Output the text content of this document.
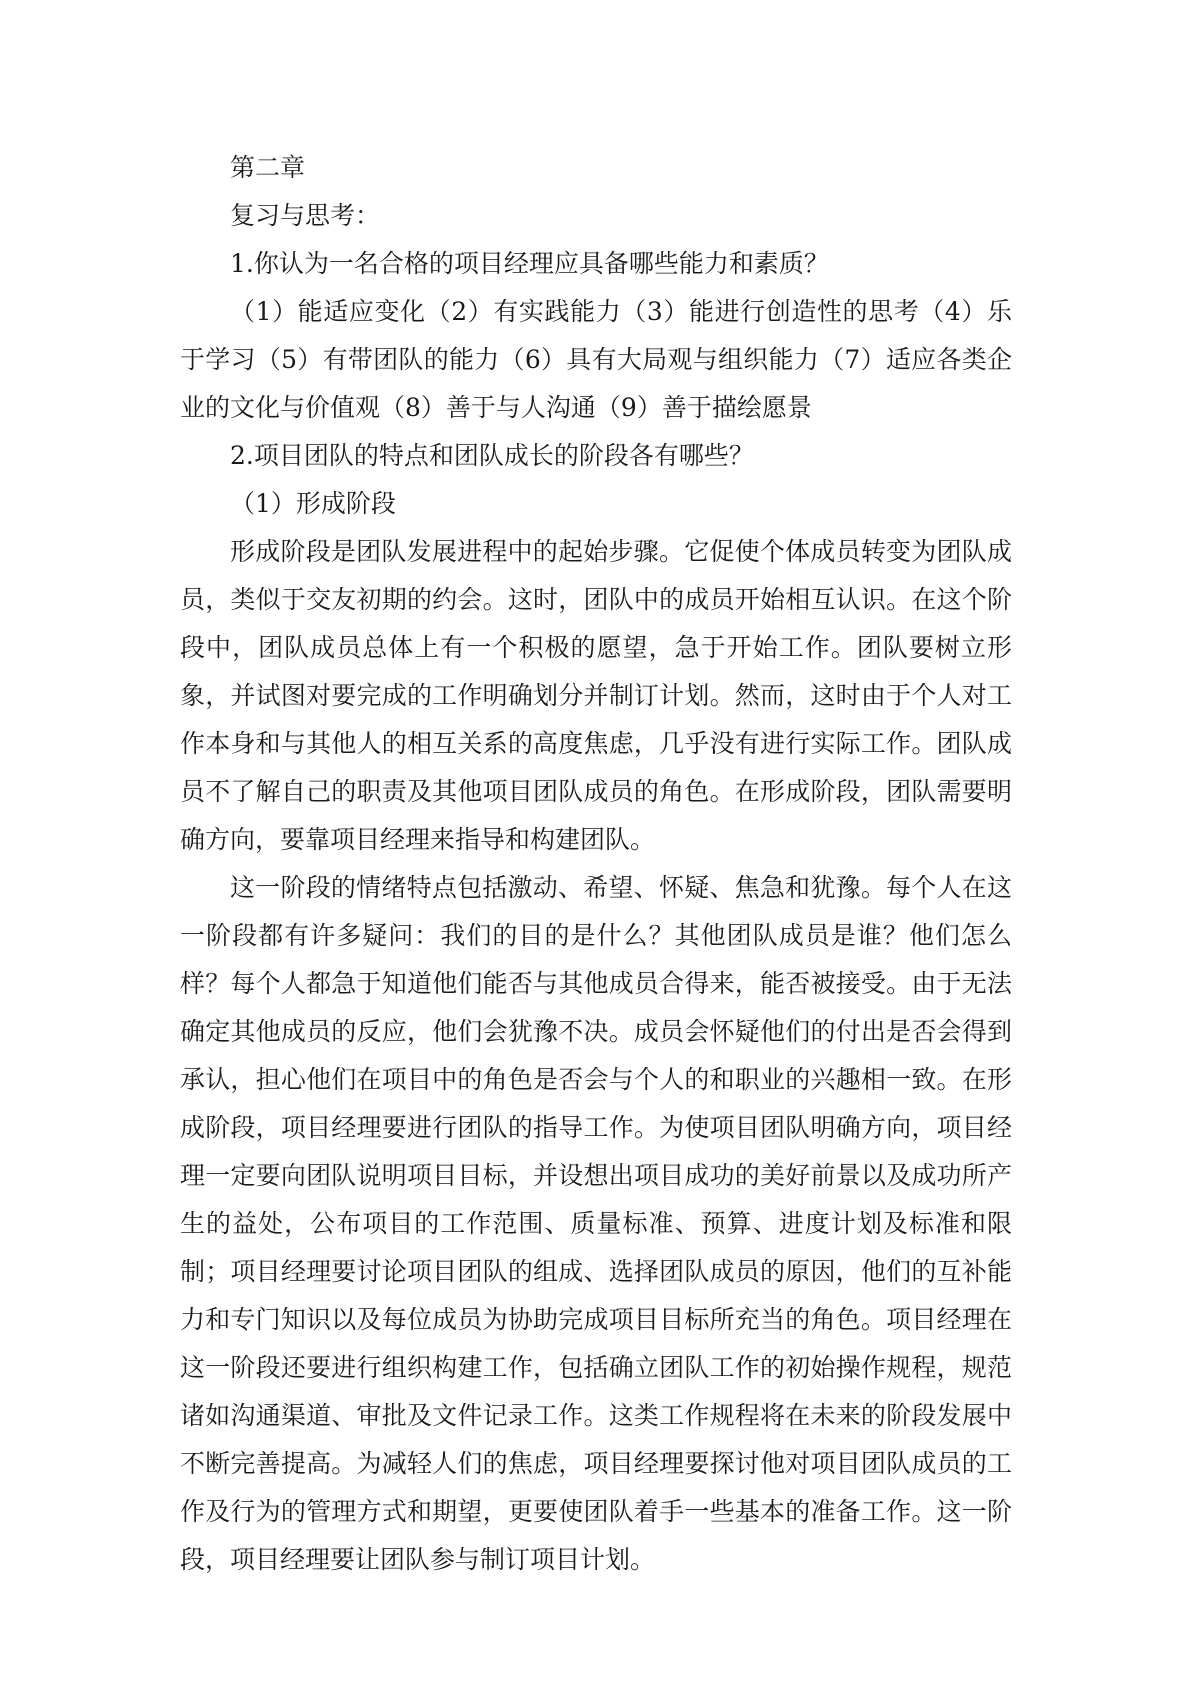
第二章

复习与思考：

1.你认为一名合格的项目经理应具备哪些能力和素质？

（1）能适应变化（2）有实践能力（3）能进行创造性的思考（4）乐于学习（5）有带团队的能力（6）具有大局观与组织能力（7）适应各类企业的文化与价值观（8）善于与人沟通（9）善于描绘愿景

2.项目团队的特点和团队成长的阶段各有哪些？

（1）形成阶段

形成阶段是团队发展进程中的起始步骤。它促使个体成员转变为团队成员，类似于交友初期的约会。这时，团队中的成员开始相互认识。在这个阶段中，团队成员总体上有一个积极的愿望，急于开始工作。团队要树立形象，并试图对要完成的工作明确划分并制订计划。然而，这时由于个人对工作本身和与其他人的相互关系的高度焦虑，几乎没有进行实际工作。团队成员不了解自己的职责及其他项目团队成员的角色。在形成阶段，团队需要明确方向，要靠项目经理来指导和构建团队。

这一阶段的情绪特点包括激动、希望、怀疑、焦急和犹豫。每个人在这一阶段都有许多疑问：我们的目的是什么？其他团队成员是谁？他们怎么样？每个人都急于知道他们能否与其他成员合得来，能否被接受。由于无法确定其他成员的反应，他们会犹豫不决。成员会怀疑他们的付出是否会得到承认，担心他们在项目中的角色是否会与个人的和职业的兴趣相一致。在形成阶段，项目经理要进行团队的指导工作。为使项目团队明确方向，项目经理一定要向团队说明项目目标，并设想出项目成功的美好前景以及成功所产生的益处，公布项目的工作范围、质量标准、预算、进度计划及标准和限制；项目经理要讨论项目团队的组成、选择团队成员的原因，他们的互补能力和专门知识以及每位成员为协助完成项目目标所充当的角色。项目经理在这一阶段还要进行组织构建工作，包括确立团队工作的初始操作规程，规范诸如沟通渠道、审批及文件记录工作。这类工作规程将在未来的阶段发展中不断完善提高。为减轻人们的焦虑，项目经理要探讨他对项目团队成员的工作及行为的管理方式和期望，更要使团队着手一些基本的准备工作。这一阶段，项目经理要让团队参与制订项目计划。
